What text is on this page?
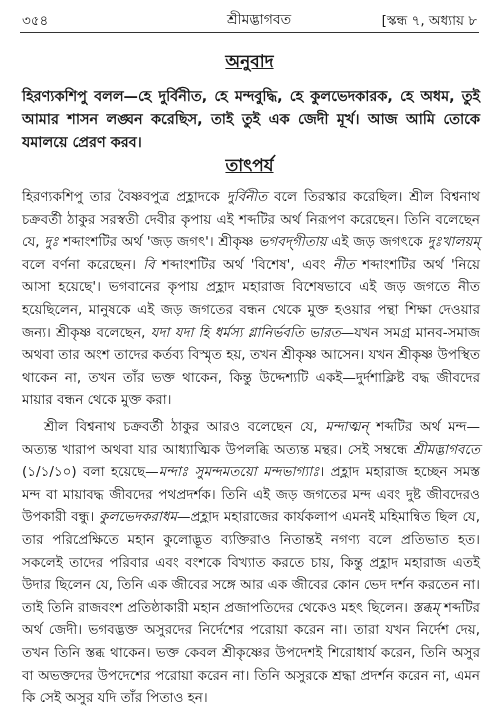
৩৫৪	শ্রীমদ্ভাগবত	[স্কন্ধ ৭, অধ্যায় ৮
অনুবাদ

হিরণ্যকশিপু বলল—হে দুর্বিনীত, হে মন্দবুদ্ধি, হে কুলভেদকারক, হে অধম, তুই আমার শাসন লঙ্ঘন করেছিস, তাই তুই এক জেদী মূর্খ। আজ আমি তোকে যমালয়ে প্রেরণ করব।

তাৎপর্য

হিরণ্যকশিপু তার বৈষ্ণবপুত্র প্রহ্লাদকে দুর্বিনীত বলে তিরস্কার করেছিল। শ্রীল বিশ্বনাথ চক্রবর্তী ঠাকুর সরস্বতী দেবীর কৃপায় এই শব্দটির অর্থ নিরূপণ করেছেন। তিনি বলেছেন যে, দুঃ শব্দাংশটির অর্থ 'জড় জগৎ'। শ্রীকৃষ্ণ ভগবদ্‌গীতায় এই জড় জগৎকে দুঃখালয়ম্ বলে বর্ণনা করেছেন। বি শব্দাংশটির অর্থ 'বিশেষ', এবং নীত শব্দাংশটির অর্থ 'নিয়ে আসা হয়েছে'। ভগবানের কৃপায় প্রহ্লাদ মহারাজ বিশেষভাবে এই জড় জগতে নীত হয়েছিলেন, মানুষকে এই জড় জগতের বন্ধন থেকে মুক্ত হওয়ার পন্থা শিক্ষা দেওয়ার জন্য। শ্রীকৃষ্ণ বলেছেন, যদা যদা হি ধর্মস্য গ্লানির্ভবতি ভারত—যখন সমগ্র মানব-সমাজ অথবা তার অংশ তাদের কর্তব্য বিস্মৃত হয়, তখন শ্রীকৃষ্ণ আসেন। যখন শ্রীকৃষ্ণ উপস্থিত থাকেন না, তখন তাঁর ভক্ত থাকেন, কিন্তু উদ্দেশ্যটি একই—দুর্দশাক্লিষ্ট বদ্ধ জীবদের মায়ার বন্ধন থেকে মুক্ত করা।

শ্রীল বিশ্বনাথ চক্রবর্তী ঠাকুর আরও বলেছেন যে, মন্দাত্মন্ শব্দটির অর্থ মন্দ—অত্যন্ত খারাপ অথবা যার আধ্যাত্মিক উপলব্ধি অত্যন্ত মন্থর। সেই সম্বন্ধে শ্রীমদ্ভাগবতে (১/১/১০) বলা হয়েছে—মন্দাঃ সুমন্দমতয়ো মন্দভাগ্যাঃ। প্রহ্লাদ মহারাজ হচ্ছেন সমস্ত মন্দ বা মায়াবদ্ধ জীবদের পথপ্রদর্শক। তিনি এই জড় জগতের মন্দ এবং দুষ্ট জীবদেরও উপকারী বন্ধু। কুলভেদকরাধম—প্রহ্লাদ মহারাজের কার্যকলাপ এমনই মহিমান্বিত ছিল যে, তার পরিপ্রেক্ষিতে মহান কুলোদ্ভূত ব্যক্তিরাও নিতান্তই নগণ্য বলে প্রতিভাত হত। সকলেই তাদের পরিবার এবং বংশকে বিখ্যাত করতে চায়, কিন্তু প্রহ্লাদ মহারাজ এতই উদার ছিলেন যে, তিনি এক জীবের সঙ্গে আর এক জীবের কোন ভেদ দর্শন করতেন না। তাই তিনি রাজবংশ প্রতিষ্ঠাকারী মহান প্রজাপতিদের থেকেও মহৎ ছিলেন। স্তব্ধম্ শব্দটির অর্থ জেদী। ভগবদ্ভক্ত অসুরদের নির্দেশের পরোয়া করেন না। তারা যখন নির্দেশ দেয়, তখন তিনি স্তব্ধ থাকেন। ভক্ত কেবল শ্রীকৃষ্ণের উপদেশই শিরোধার্য করেন, তিনি অসুর বা অভক্তদের উপদেশের পরোয়া করেন না। তিনি অসুরকে শ্রদ্ধা প্রদর্শন করেন না, এমন কি সেই অসুর যদি তাঁর পিতাও হন।
